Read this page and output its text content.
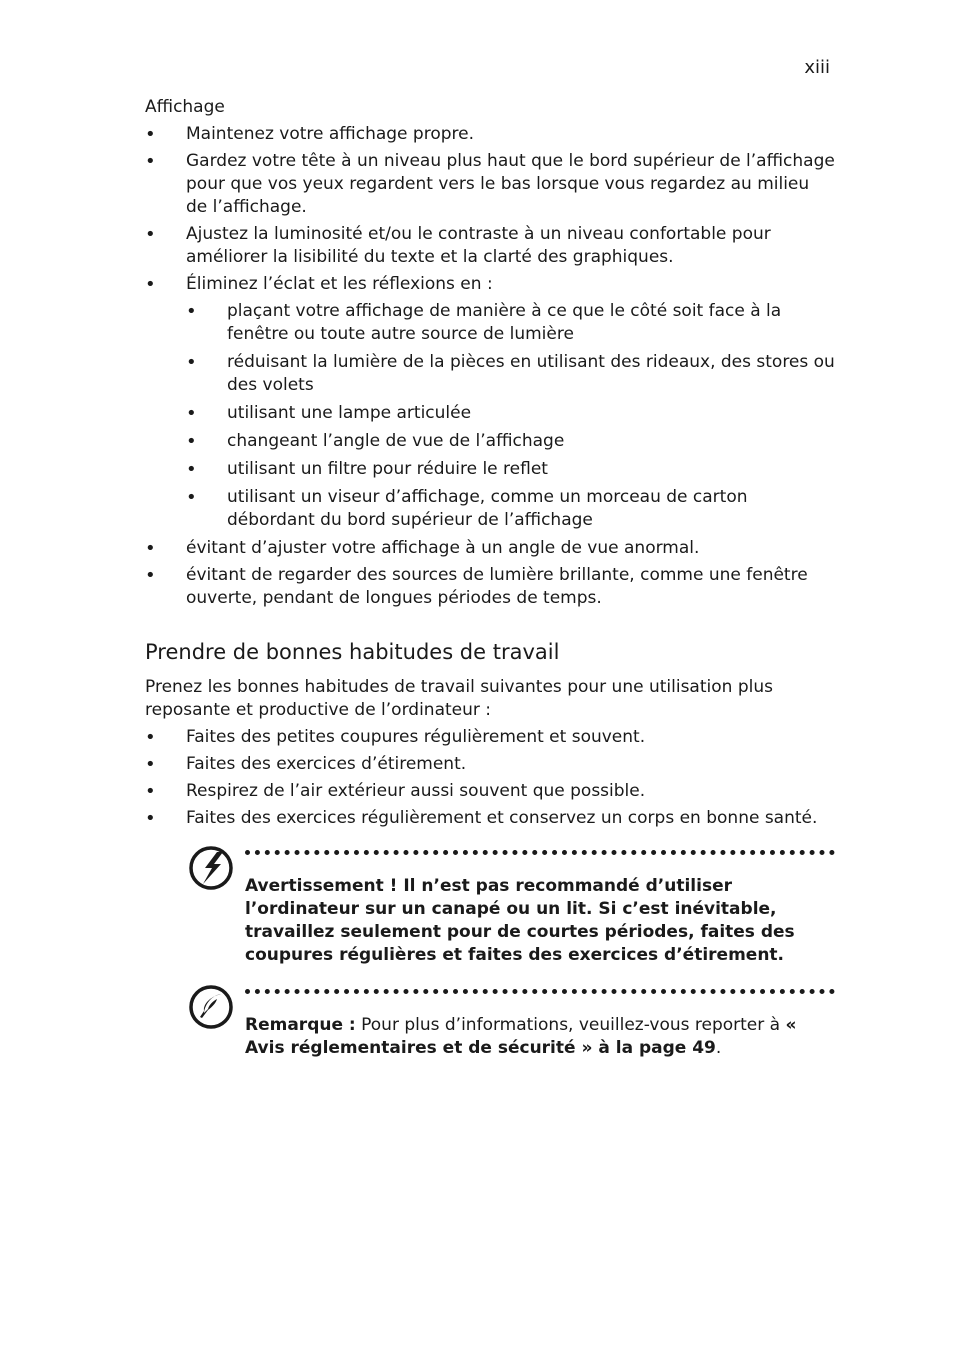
xiii
Affichage
• Maintenez votre affichage propre.
• Gardez votre tête à un niveau plus haut que le bord supérieur de l’affichage pour que vos yeux regardent vers le bas lorsque vous regardez au milieu de l’affichage.
• Ajustez la luminosité et/ou le contraste à un niveau confortable pour améliorer la lisibilité du texte et la clarté des graphiques.
• Éliminez l’éclat et les réflexions en :
• plaçant votre affichage de manière à ce que le côté soit face à la fenêtre ou toute autre source de lumière
• réduisant la lumière de la pièces en utilisant des rideaux, des stores ou des volets
• utilisant une lampe articulée
• changeant l’angle de vue de l’affichage
• utilisant un filtre pour réduire le reflet
• utilisant un viseur d’affichage, comme un morceau de carton débordant du bord supérieur de l’affichage
• évitant d’ajuster votre affichage à un angle de vue anormal.
• évitant de regarder des sources de lumière brillante, comme une fenêtre ouverte, pendant de longues périodes de temps.
Prendre de bonnes habitudes de travail
Prenez les bonnes habitudes de travail suivantes pour une utilisation plus reposante et productive de l’ordinateur :
• Faites des petites coupures régulièrement et souvent.
• Faites des exercices d’étirement.
• Respirez de l’air extérieur aussi souvent que possible.
• Faites des exercices régulièrement et conservez un corps en bonne santé.
Avertissement ! Il n’est pas recommandé d’utiliser l’ordinateur sur un canapé ou un lit. Si c’est inévitable, travaillez seulement pour de courtes périodes, faites des coupures régulières et faites des exercices d’étirement.
Remarque : Pour plus d’informations, veuillez-vous reporter à « Avis réglementaires et de sécurité » à la page 49.
